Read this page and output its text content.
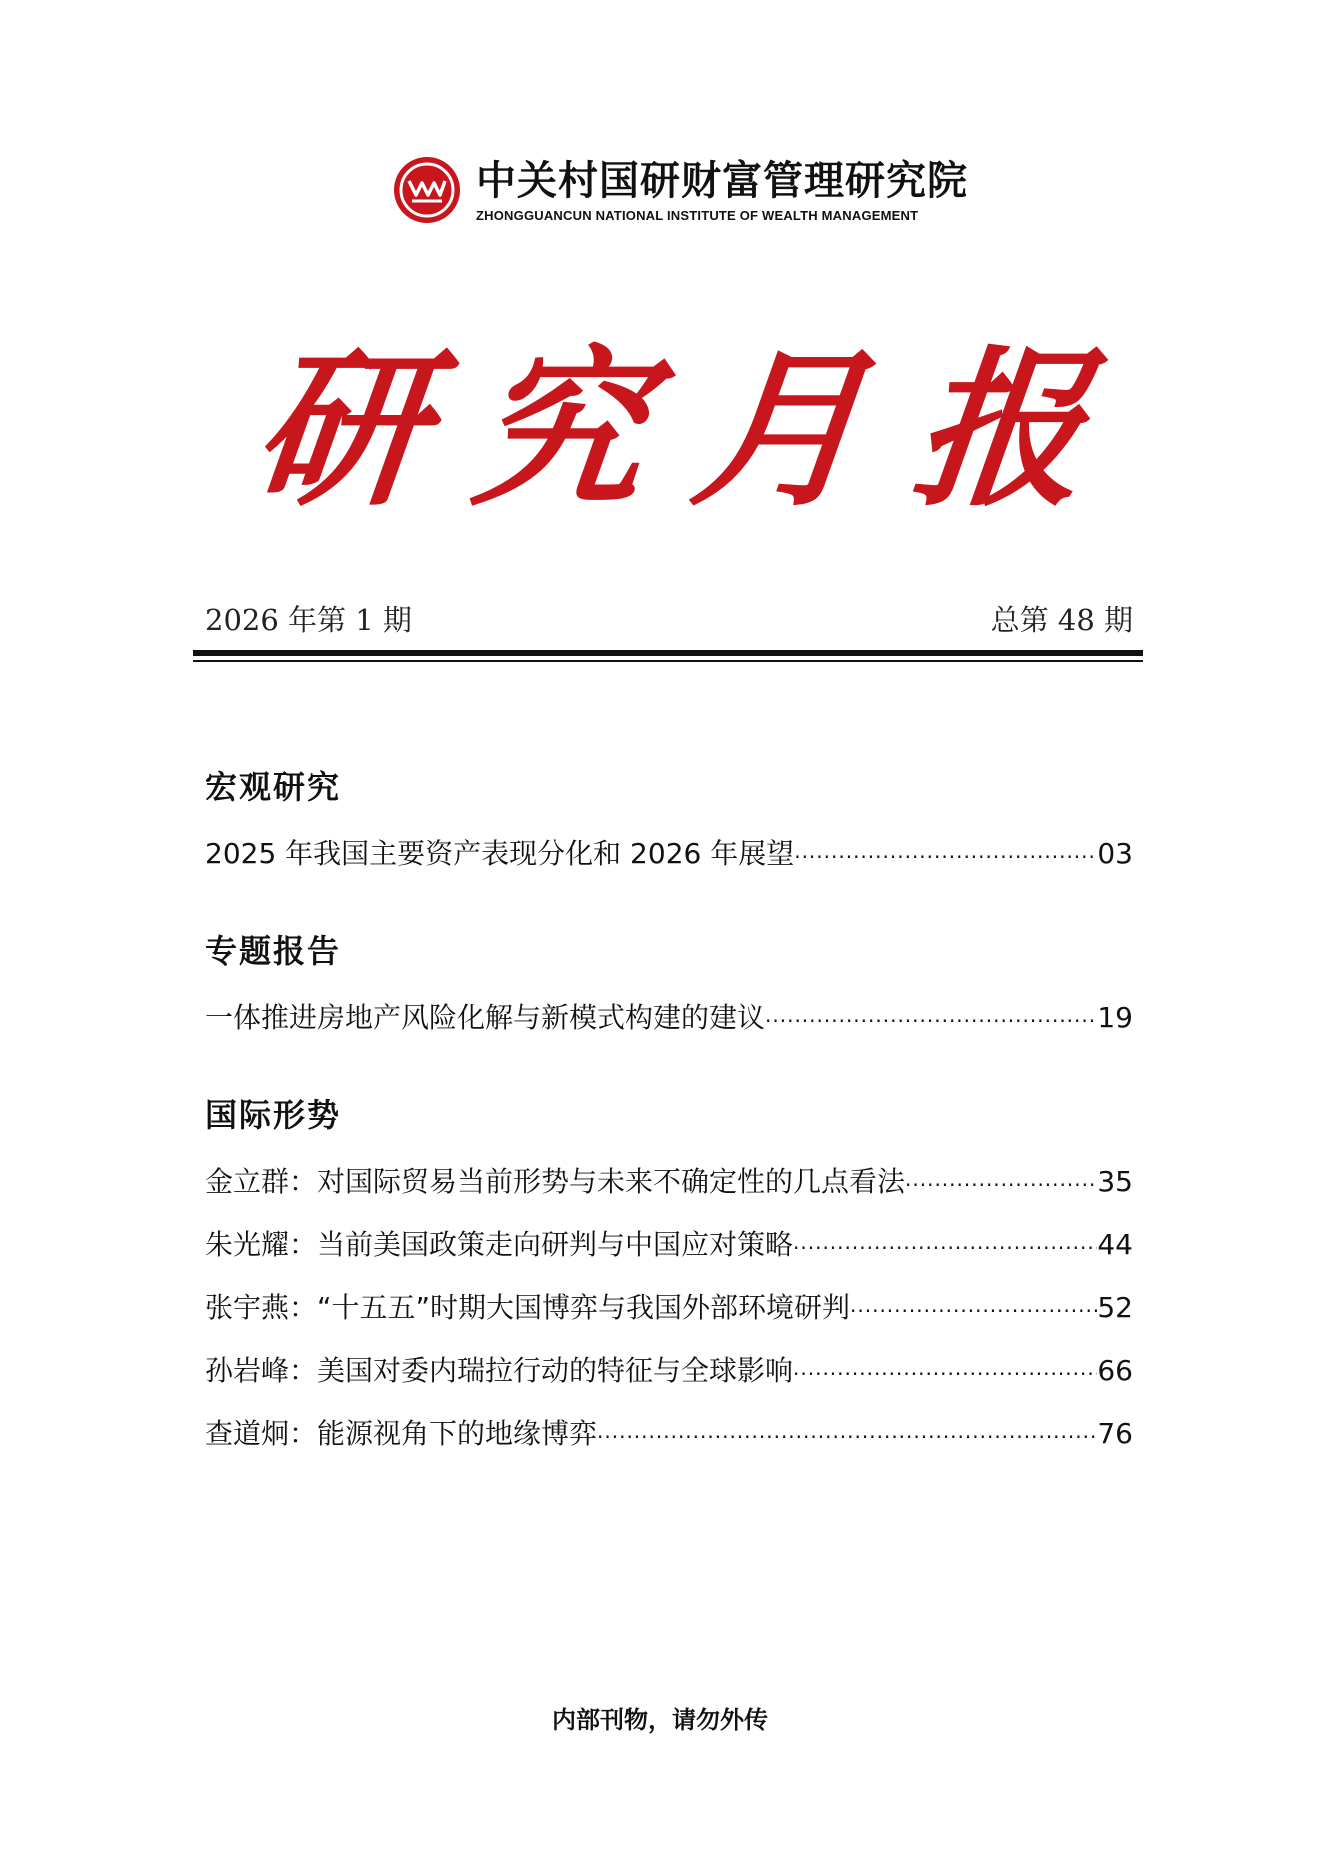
中关村国研财富管理研究院
ZHONGGUANCUN NATIONAL INSTITUTE OF WEALTH MANAGEMENT
研 究 月 报
2026 年第 1 期	总第 48 期
宏观研究
2025 年我国主要资产表现分化和 2026 年展望 ·····	03
专题报告
一体推进房地产风险化解与新模式构建的建议 ·····	19
国际形势
金立群：对国际贸易当前形势与未来不确定性的几点看法 ·····	35
朱光耀：当前美国政策走向研判与中国应对策略 ·····	44
张宇燕：“十五五”时期大国博弈与我国外部环境研判 ·····	52
孙岩峰：美国对委内瑞拉行动的特征与全球影响 ·····	66
查道炯：能源视角下的地缘博弈 ·····	76
内部刊物，请勿外传
